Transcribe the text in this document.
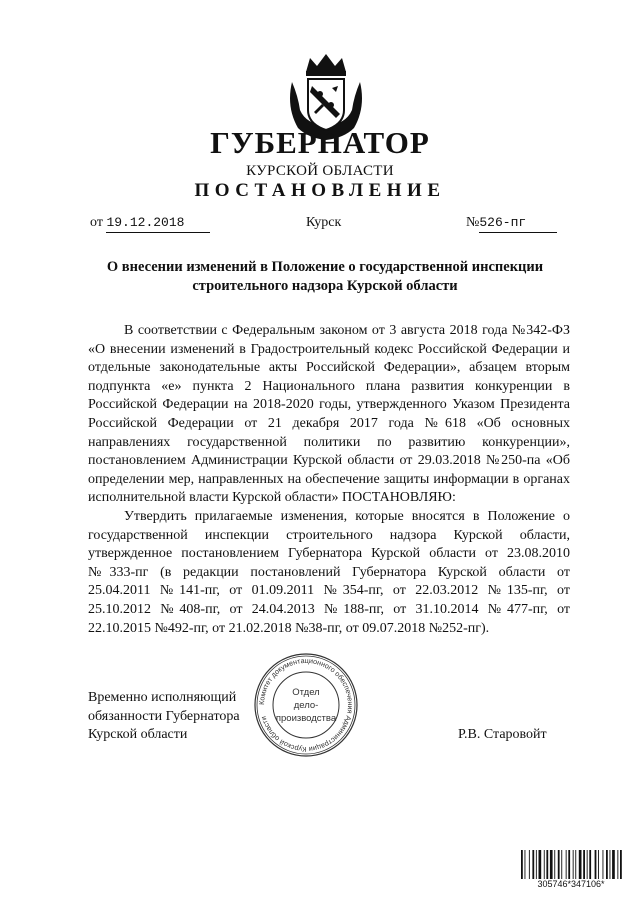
ГУБЕРНАТОР
КУРСКОЙ ОБЛАСТИ
ПОСТАНОВЛЕНИЕ
от 19.12.2018	Курск	№526-пг
О внесении изменений в Положение о государственной инспекции
строительного надзора Курской области

В соответствии с Федеральным законом от 3 августа 2018 года №342-ФЗ «О внесении изменений в Градостроительный кодекс Российской Федерации и отдельные законодательные акты Российской Федерации», абзацем вторым подпункта «е» пункта 2 Национального плана развития конкуренции в Российской Федерации на 2018-2020 годы, утвержденного Указом Президента Российской Федерации от 21 декабря 2017 года №618 «Об основных направлениях государственной политики по развитию конкуренции», постановлением Администрации Курской области от 29.03.2018 №250-па «Об определении мер, направленных на обеспечение защиты информации в органах исполнительной власти Курской области» ПОСТАНОВЛЯЮ:

Утвердить прилагаемые изменения, которые вносятся в Положение о государственной инспекции строительного надзора Курской области, утвержденное постановлением Губернатора Курской области от 23.08.2010 №333-пг (в редакции постановлений Губернатора Курской области от 25.04.2011 №141-пг, от 01.09.2011 №354-пг, от 22.03.2012 №135-пг, от 25.10.2012 №408-пг, от 24.04.2013 №188-пг, от 31.10.2014 №477-пг, от 22.10.2015 №492-пг, от 21.02.2018 №38-пг, от 09.07.2018 №252-пг).

Временно исполняющий
обязанности Губернатора
Курской области
Комитет документационного обеспечения Администрации Курской области
Отдел
дело-
производства
Р.В. Старовойт
305746*347106*
